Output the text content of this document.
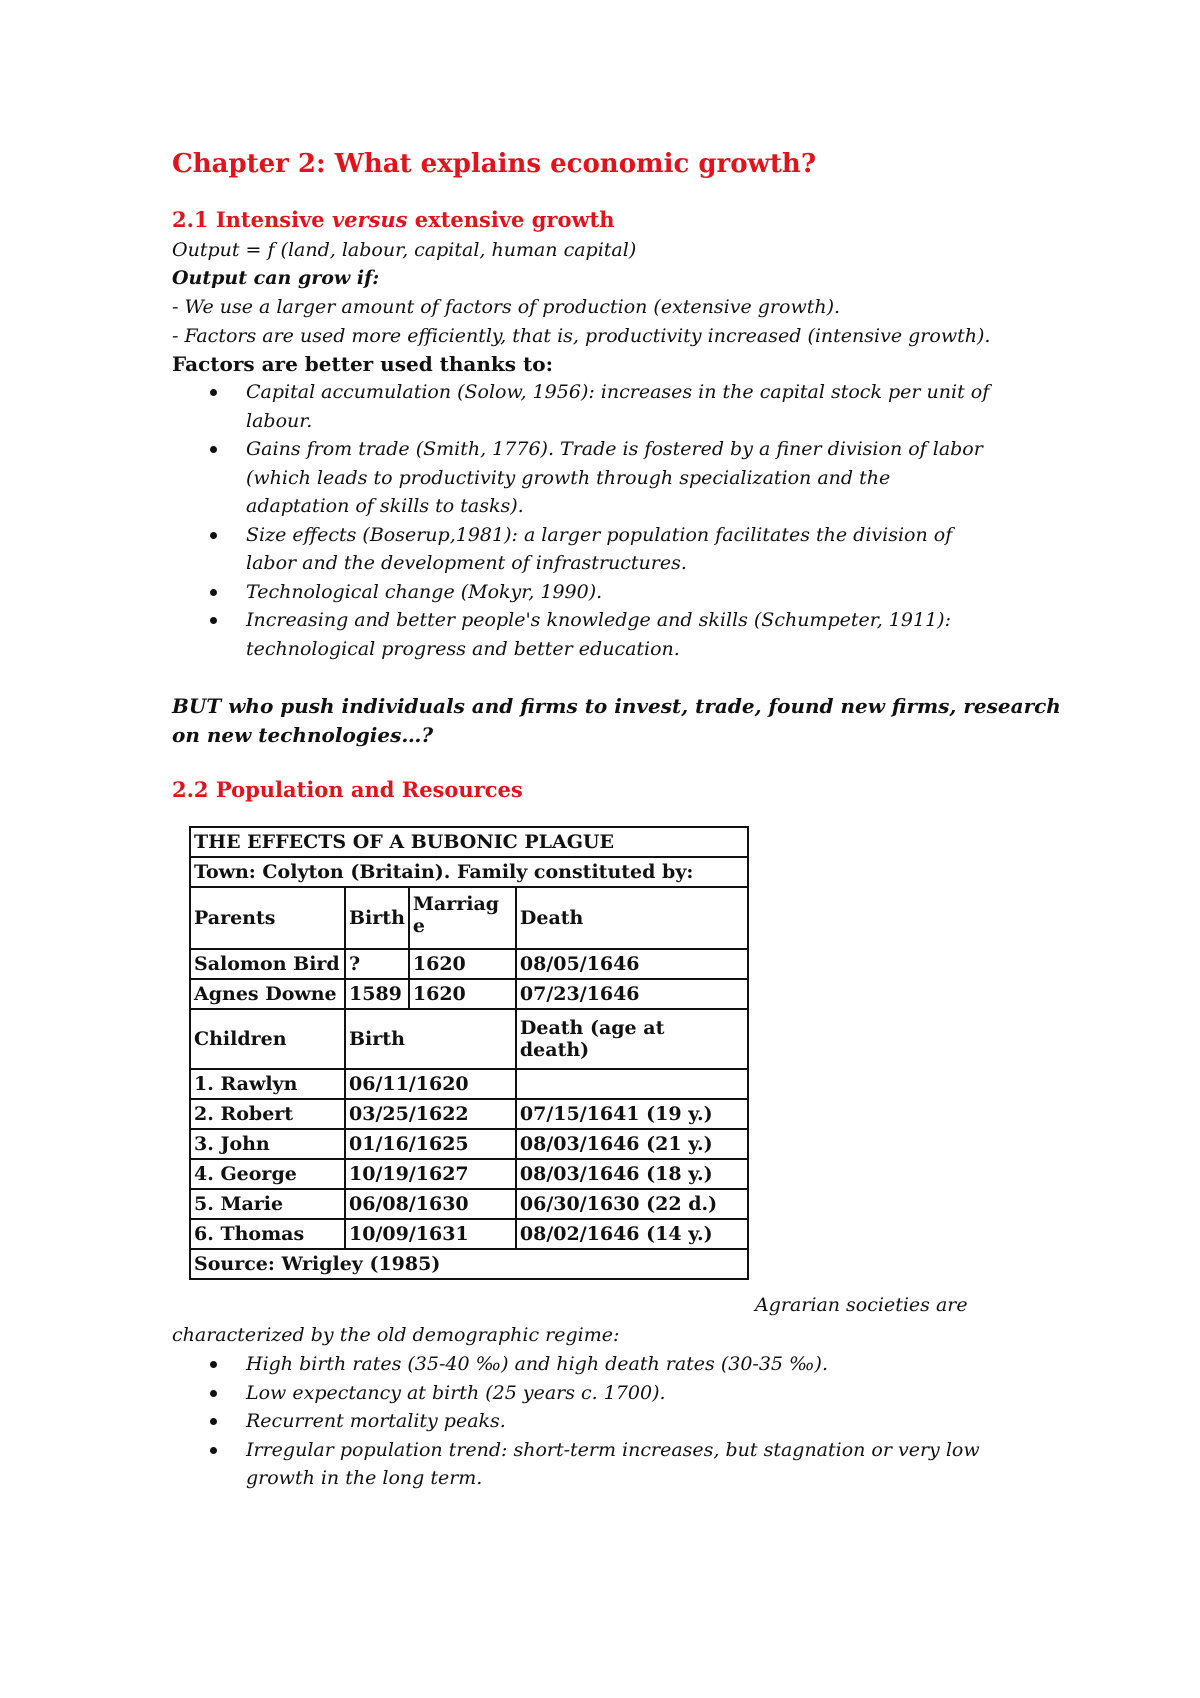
Chapter 2: What explains economic growth?
2.1 Intensive versus extensive growth

Output = f (land, labour, capital, human capital)

Output can grow if:

- We use a larger amount of factors of production (extensive growth).

- Factors are used more efficiently, that is, productivity increased (intensive growth).

Factors are better used thanks to:

Capital accumulation (Solow, 1956): increases in the capital stock per unit of
labour.
Gains from trade (Smith, 1776). Trade is fostered by a finer division of labor
(which leads to productivity growth through specialization and the
adaptation of skills to tasks).
Size effects (Boserup,1981): a larger population facilitates the division of
labor and the development of infrastructures.
Technological change (Mokyr, 1990).
Increasing and better people's knowledge and skills (Schumpeter, 1911):
technological progress and better education.

BUT who push individuals and firms to invest, trade, found new firms, research

on new technologies…?

2.2 Population and Resources
THE EFFECTS OF A BUBONIC PLAGUE			
Town: Colyton (Britain). Family constituted by:			
Parents	Birth	Marriag
e	Death
Salomon Bird	?	1620	08/05/1646
Agnes Downe	1589	1620	07/23/1646
Children	Birth		Death (age at
death)
1. Rawlyn	06/11/1620		
2. Robert	03/25/1622		07/15/1641 (19 y.)
3. John	01/16/1625		08/03/1646 (21 y.)
4. George	10/19/1627		08/03/1646 (18 y.)
5. Marie	06/08/1630		06/30/1630 (22 d.)
6. Thomas	10/09/1631		08/02/1646 (14 y.)
Source: Wrigley (1985)			
Agrarian societies are

characterized by the old demographic regime:

High birth rates (35-40 ‰) and high death rates (30-35 ‰).
Low expectancy at birth (25 years c. 1700).
Recurrent mortality peaks.
Irregular population trend: short-term increases, but stagnation or very low
growth in the long term.
